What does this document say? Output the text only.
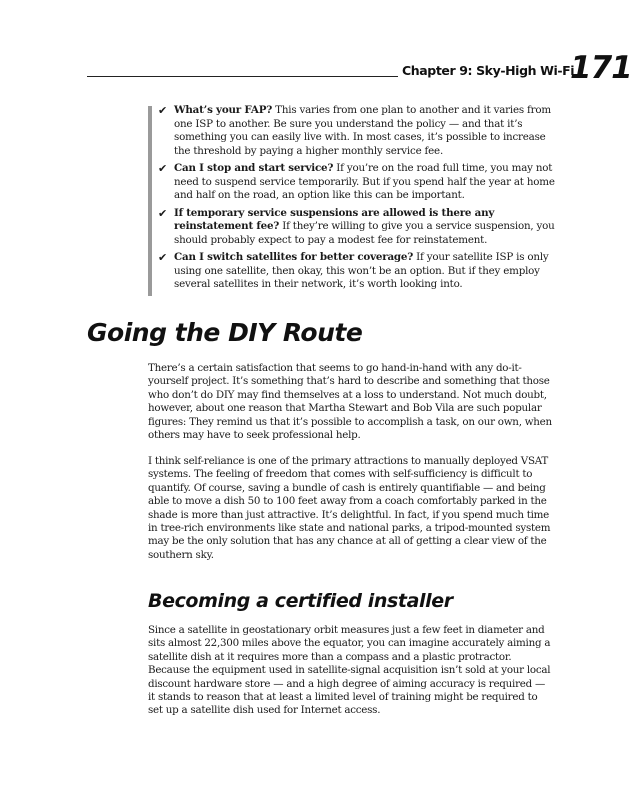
Chapter 9: Sky-High Wi-Fi
171
✔ What’s your FAP? This varies from one plan to another and it varies from one ISP to another. Be sure you understand the policy — and that it’s something you can easily live with. In most cases, it’s possible to increase the threshold by paying a higher monthly service fee.
✔ Can I stop and start service? If you’re on the road full time, you may not need to suspend service temporarily. But if you spend half the year at home and half on the road, an option like this can be important.
✔ If temporary service suspensions are allowed is there any reinstatement fee? If they’re willing to give you a service suspension, you should probably expect to pay a modest fee for reinstatement.
✔ Can I switch satellites for better coverage? If your satellite ISP is only using one satellite, then okay, this won’t be an option. But if they employ several satellites in their network, it’s worth looking into.
Going the DIY Route

There’s a certain satisfaction that seems to go hand-in-hand with any do-it-yourself project. It’s something that’s hard to describe and something that those who don’t do DIY may find themselves at a loss to understand. Not much doubt, however, about one reason that Martha Stewart and Bob Vila are such popular figures: They remind us that it’s possible to accomplish a task, on our own, when others may have to seek professional help.

I think self-reliance is one of the primary attractions to manually deployed VSAT systems. The feeling of freedom that comes with self-sufficiency is difficult to quantify. Of course, saving a bundle of cash is entirely quantifiable — and being able to move a dish 50 to 100 feet away from a coach comfortably parked in the shade is more than just attractive. It’s delightful. In fact, if you spend much time in tree-rich environments like state and national parks, a tripod-mounted system may be the only solution that has any chance at all of getting a clear view of the southern sky.

Becoming a certified installer

Since a satellite in geostationary orbit measures just a few feet in diameter and sits almost 22,300 miles above the equator, you can imagine accurately aiming a satellite dish at it requires more than a compass and a plastic protractor. Because the equipment used in satellite-signal acquisition isn’t sold at your local discount hardware store — and a high degree of aiming accuracy is required — it stands to reason that at least a limited level of training might be required to set up a satellite dish used for Internet access.
